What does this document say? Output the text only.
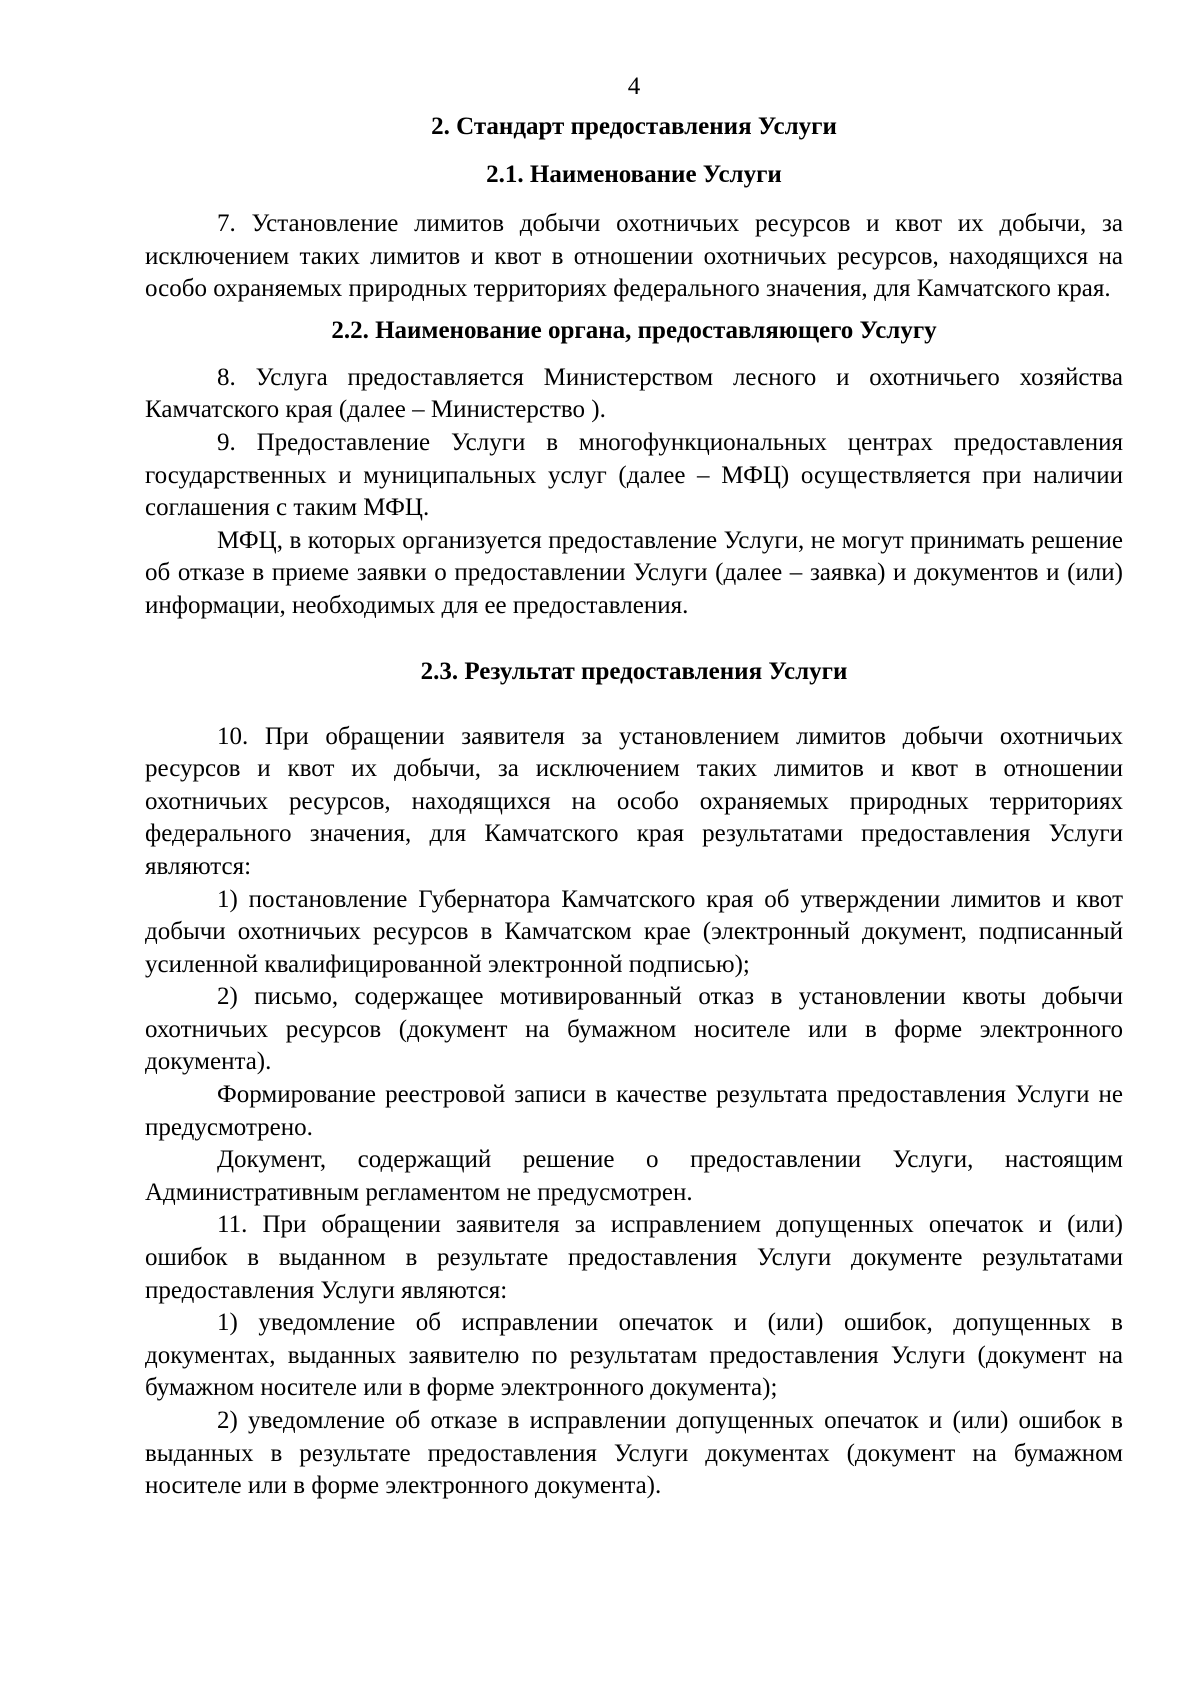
4
2. Стандарт предоставления Услуги
2.1. Наименование Услуги

7. Установление лимитов добычи охотничьих ресурсов и квот их добычи, за исключением таких лимитов и квот в отношении охотничьих ресурсов, находящихся на особо охраняемых природных территориях федерального значения, для Камчатского края.

2.2. Наименование органа, предоставляющего Услугу

8. Услуга предоставляется Министерством лесного и охотничьего хозяйства Камчатского края (далее – Министерство ).

9. Предоставление Услуги в многофункциональных центрах предоставления государственных и муниципальных услуг (далее – МФЦ) осуществляется при наличии соглашения с таким МФЦ.

МФЦ, в которых организуется предоставление Услуги, не могут принимать решение об отказе в приеме заявки о предоставлении Услуги (далее – заявка) и документов и (или) информации, необходимых для ее предоставления.

2.3. Результат предоставления Услуги

10. При обращении заявителя за установлением лимитов добычи охотничьих ресурсов и квот их добычи, за исключением таких лимитов и квот в отношении охотничьих ресурсов, находящихся на особо охраняемых природных территориях федерального значения, для Камчатского края результатами предоставления Услуги являются:

1) постановление Губернатора Камчатского края об утверждении лимитов и квот добычи охотничьих ресурсов в Камчатском крае (электронный документ, подписанный усиленной квалифицированной электронной подписью);

2) письмо, содержащее мотивированный отказ в установлении квоты добычи охотничьих ресурсов (документ на бумажном носителе или в форме электронного документа).

Формирование реестровой записи в качестве результата предоставления Услуги не предусмотрено.

Документ, содержащий решение о предоставлении Услуги, настоящим Административным регламентом не предусмотрен.

11. При обращении заявителя за исправлением допущенных опечаток и (или) ошибок в выданном в результате предоставления Услуги документе результатами предоставления Услуги являются:

1) уведомление об исправлении опечаток и (или) ошибок, допущенных в документах, выданных заявителю по результатам предоставления Услуги (документ на бумажном носителе или в форме электронного документа);

2) уведомление об отказе в исправлении допущенных опечаток и (или) ошибок в выданных в результате предоставления Услуги документах (документ на бумажном носителе или в форме электронного документа).
